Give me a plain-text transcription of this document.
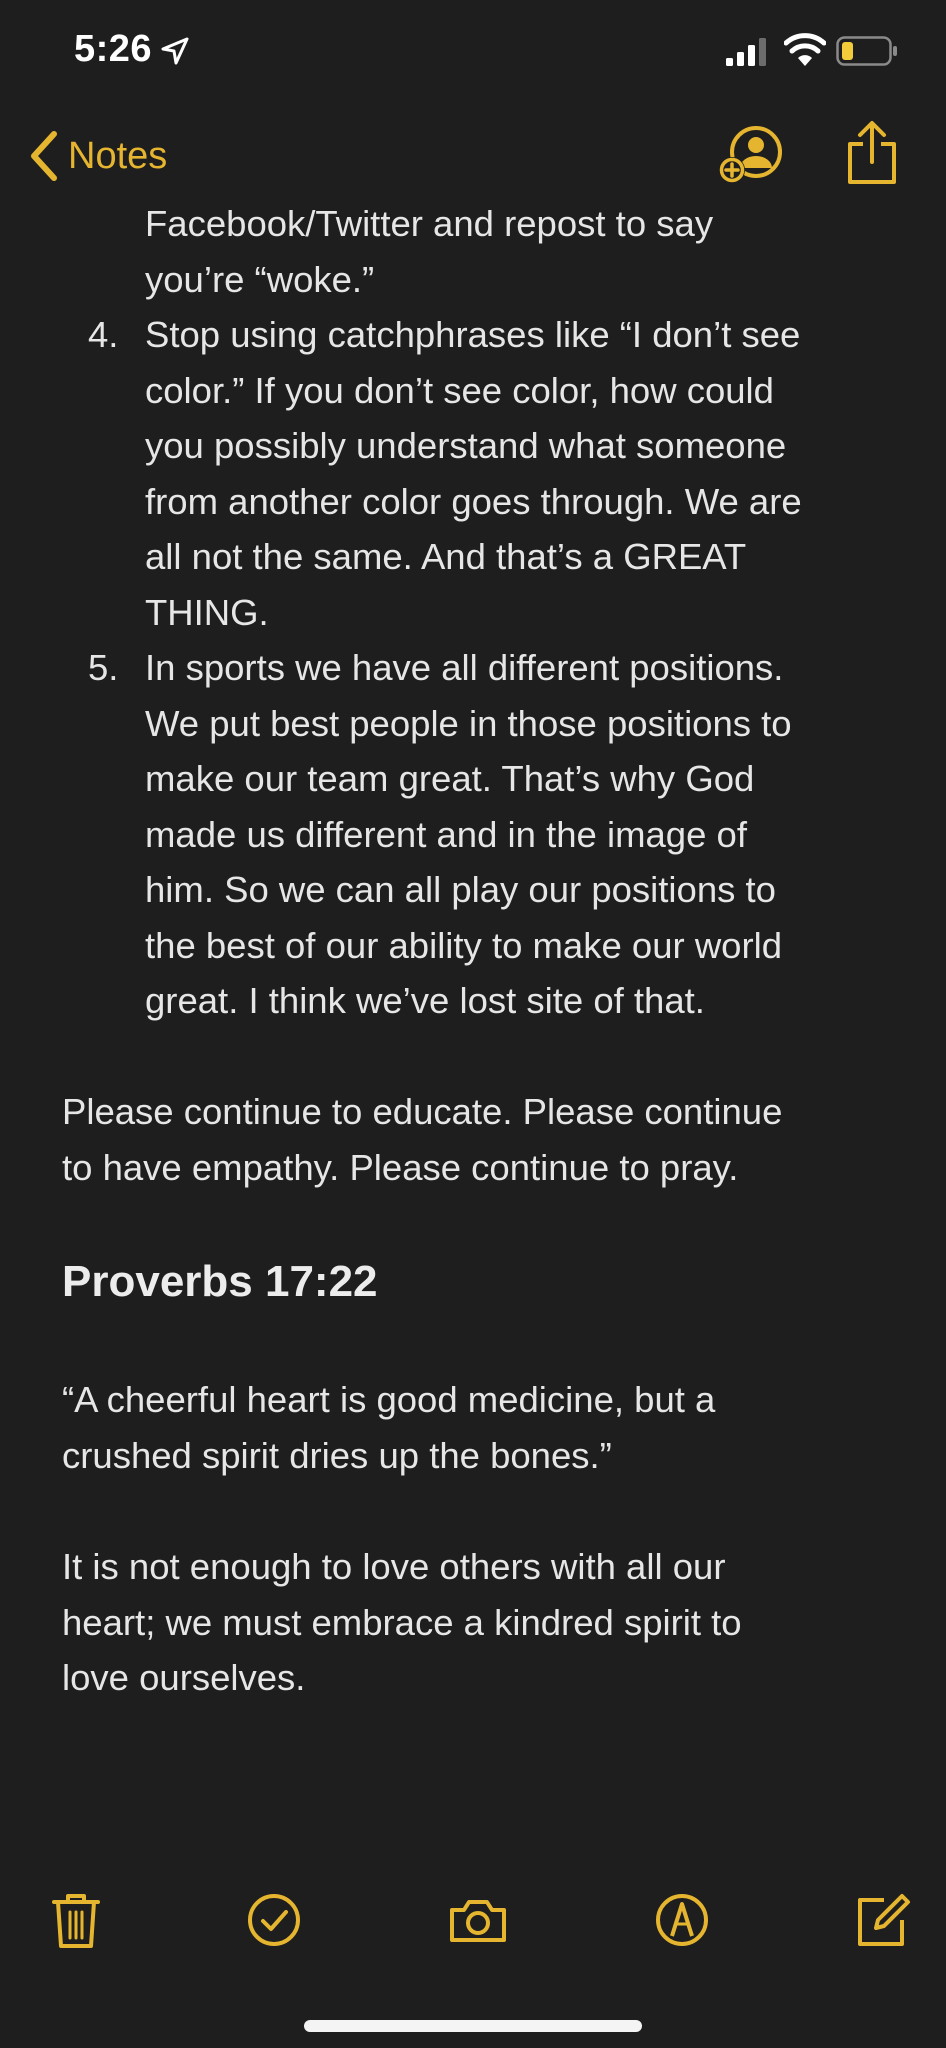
5:26
Notes
Facebook/Twitter and repost to say
you’re “woke.”
4. Stop using catchphrases like “I don’t see
color.” If you don’t see color, how could
you possibly understand what someone
from another color goes through. We are
all not the same. And that’s a GREAT
THING.
5. In sports we have all different positions.
We put best people in those positions to
make our team great. That’s why God
made us different and in the image of
him. So we can all play our positions to
the best of our ability to make our world
great. I think we’ve lost site of that.
Please continue to educate. Please continue
to have empathy. Please continue to pray.
Proverbs 17:22
“A cheerful heart is good medicine, but a
crushed spirit dries up the bones.”
It is not enough to love others with all our
heart; we must embrace a kindred spirit to
love ourselves.
